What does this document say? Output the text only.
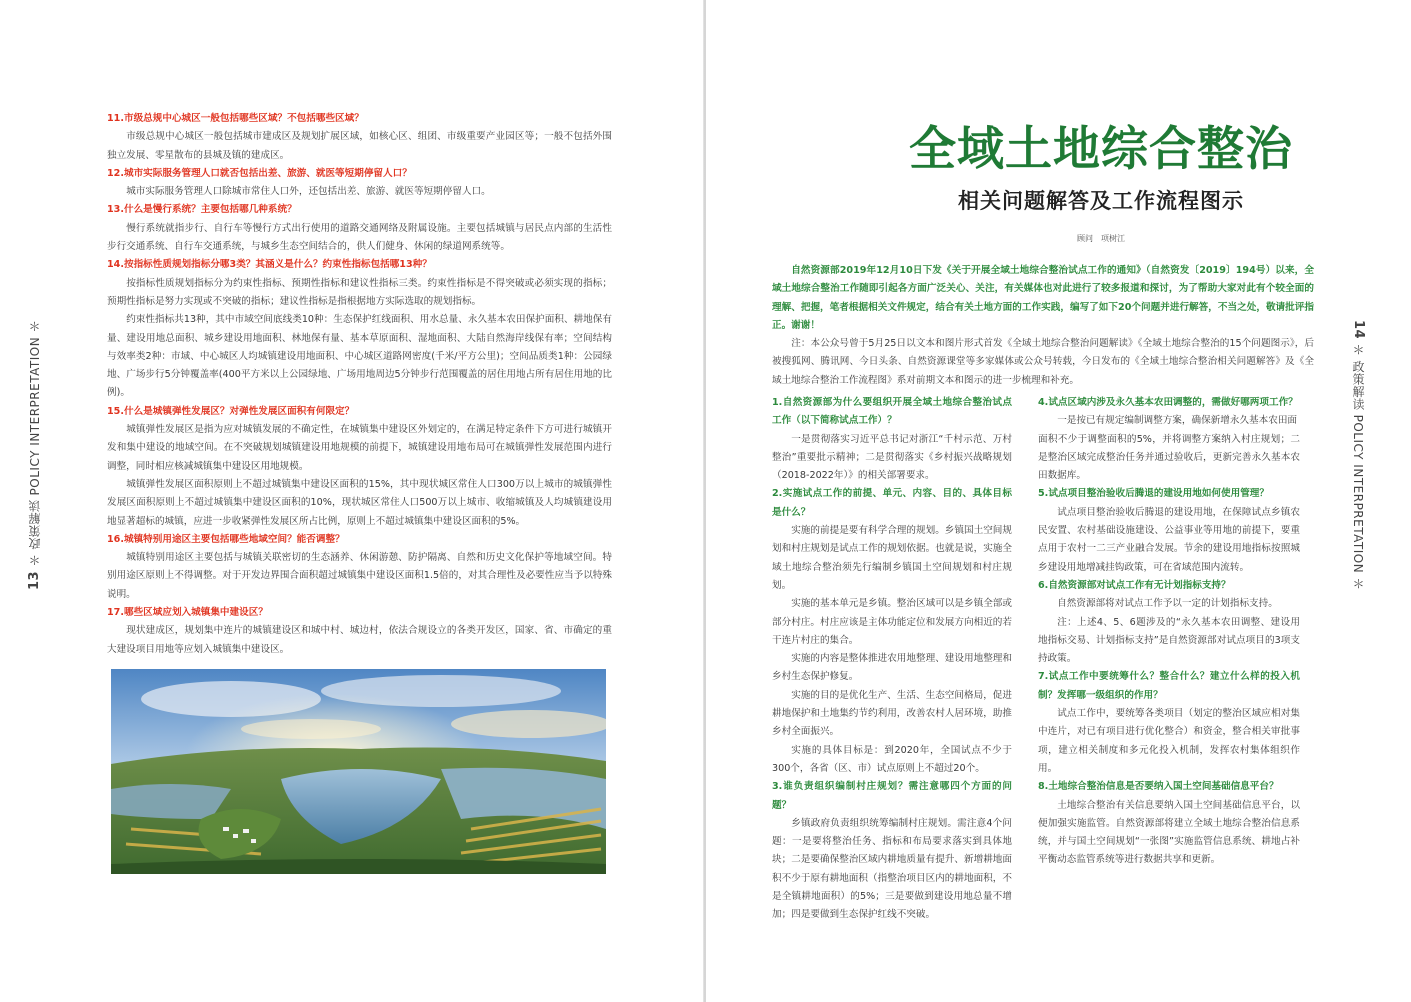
13 ＊ 政策解读 POLICY INTERPRETATION ＊

11.市级总规中心城区一般包括哪些区域？不包括哪些区域？

市级总规中心城区一般包括城市建成区及规划扩展区域，如核心区、组团、市级重要产业园区等；一般不包括外围独立发展、零星散布的县城及镇的建成区。

12.城市实际服务管理人口就否包括出差、旅游、就医等短期停留人口？

城市实际服务管理人口除城市常住人口外，还包括出差、旅游、就医等短期停留人口。

13.什么是慢行系统？主要包括哪几种系统？

慢行系统就指步行、自行车等慢行方式出行使用的道路交通网络及附属设施。主要包括城镇与居民点内部的生活性步行交通系统、自行车交通系统，与城乡生态空间结合的，供人们健身、休闲的绿道网系统等。

14.按指标性质规划指标分哪3类？其涵义是什么？约束性指标包括哪13种？

按指标性质规划指标分为约束性指标、预期性指标和建议性指标三类。约束性指标是不得突破或必须实现的指标；预期性指标是努力实现或不突破的指标；建议性指标是指根据地方实际选取的规划指标。

约束性指标共13种，其中市域空间底线类10种：生态保护红线面积、用水总量、永久基本农田保护面积、耕地保有量、建设用地总面积、城乡建设用地面积、林地保有量、基本草原面积、湿地面积、大陆自然海岸线保有率；空间结构与效率类2种：市域、中心城区人均城镇建设用地面积、中心城区道路网密度(千米/平方公里)；空间品质类1种：公园绿地、广场步行5分钟覆盖率(400平方米以上公园绿地、广场用地周边5分钟步行范围覆盖的居住用地占所有居住用地的比例)。

15.什么是城镇弹性发展区？对弹性发展区面积有何限定？

城镇弹性发展区是指为应对城镇发展的不确定性，在城镇集中建设区外划定的，在满足特定条件下方可进行城镇开发和集中建设的地域空间。在不突破规划城镇建设用地规模的前提下，城镇建设用地布局可在城镇弹性发展范围内进行调整，同时相应核减城镇集中建设区用地规模。

城镇弹性发展区面积原则上不超过城镇集中建设区面积的15%，其中现状城区常住人口300万以上城市的城镇弹性发展区面积原则上不超过城镇集中建设区面积的10%，现状城区常住人口500万以上城市、收缩城镇及人均城镇建设用地显著超标的城镇，应进一步收紧弹性发展区所占比例，原则上不超过城镇集中建设区面积的5%。

16.城镇特别用途区主要包括哪些地域空间？能否调整？

城镇特别用途区主要包括与城镇关联密切的生态涵养、休闲游憩、防护隔离、自然和历史文化保护等地域空间。特别用途区原则上不得调整。对于开发边界围合面积超过城镇集中建设区面积1.5倍的，对其合理性及必要性应当予以特殊说明。

17.哪些区域应划入城镇集中建设区？

现状建成区，规划集中连片的城镇建设区和城中村、城边村，依法合规设立的各类开发区，国家、省、市确定的重大建设项目用地等应划入城镇集中建设区。

全域土地综合整治
相关问题解答及工作流程图示

顾问　项树江

自然资源部2019年12月10日下发《关于开展全域土地综合整治试点工作的通知》（自然资发〔2019〕194号）以来，全域土地综合整治工作随即引起各方面广泛关心、关注，有关媒体也对此进行了较多报道和探讨，为了帮助大家对此有个较全面的理解、把握，笔者根据相关文件规定，结合有关土地方面的工作实践，编写了如下20个问题并进行解答，不当之处，敬请批评指正。谢谢！

注：本公众号曾于5月25日以文本和图片形式首发《全域土地综合整治问题解读》《全域土地综合整治的15个问题图示》，后被搜狐网、腾讯网、今日头条、自然资源课堂等多家媒体或公众号转载，今日发布的《全域土地综合整治相关问题解答》及《全域土地综合整治工作流程图》系对前期文本和图示的进一步梳理和补充。

1.自然资源部为什么要组织开展全域土地综合整治试点工作（以下简称试点工作）？

一是贯彻落实习近平总书记对浙江“千村示范、万村整治”重要批示精神；二是贯彻落实《乡村振兴战略规划（2018-2022年）》的相关部署要求。

2.实施试点工作的前提、单元、内容、目的、具体目标是什么？

实施的前提是要有科学合理的规划。乡镇国土空间规划和村庄规划是试点工作的规划依据。也就是说，实施全域土地综合整治须先行编制乡镇国土空间规划和村庄规划。

实施的基本单元是乡镇。整治区域可以是乡镇全部或部分村庄。村庄应该是主体功能定位和发展方向相近的若干连片村庄的集合。

实施的内容是整体推进农用地整理、建设用地整理和乡村生态保护修复。

实施的目的是优化生产、生活、生态空间格局，促进耕地保护和土地集约节约利用，改善农村人居环境，助推乡村全面振兴。

实施的具体目标是：到2020年，全国试点不少于300个，各省（区、市）试点原则上不超过20个。

3.谁负责组织编制村庄规划？需注意哪四个方面的问题？

乡镇政府负责组织统筹编制村庄规划。需注意4个问题：一是要将整治任务、指标和布局要求落实到具体地块；二是要确保整治区域内耕地质量有提升、新增耕地面积不少于原有耕地面积（指整治项目区内的耕地面积，不是全镇耕地面积）的5%；三是要做到建设用地总量不增加；四是要做到生态保护红线不突破。

4.试点区域内涉及永久基本农田调整的，需做好哪两项工作？

一是按已有规定编制调整方案，确保新增永久基本农田面

面积不少于调整面积的5%，并将调整方案纳入村庄规划；二是整治区域完成整治任务并通过验收后，更新完善永久基本农田数据库。

5.试点项目整治验收后腾退的建设用地如何使用管理？

试点项目整治验收后腾退的建设用地，在保障试点乡镇农民安置、农村基础设施建设、公益事业等用地的前提下，要重点用于农村一二三产业融合发展。节余的建设用地指标按照城乡建设用地增减挂钩政策，可在省域范围内流转。

6.自然资源部对试点工作有无计划指标支持？

自然资源部将对试点工作予以一定的计划指标支持。

注：上述4、5、6题涉及的“永久基本农田调整、建设用地指标交易、计划指标支持”是自然资源部对试点项目的3项支持政策。

7.试点工作中要统筹什么？整合什么？建立什么样的投入机制？发挥哪一级组织的作用？

试点工作中，要统筹各类项目（划定的整治区域应相对集中连片，对已有项目进行优化整合）和资金，整合相关审批事项，建立相关制度和多元化投入机制，发挥农村集体组织作用。

8.土地综合整治信息是否要纳入国土空间基础信息平台？

土地综合整治有关信息要纳入国土空间基础信息平台，以便加强实施监管。自然资源部将建立全域土地综合整治信息系统，并与国土空间规划“一张图”实施监管信息系统、耕地占补平衡动态监管系统等进行数据共享和更新。

14 ＊ 政策解读 POLICY INTERPRETATION ＊
